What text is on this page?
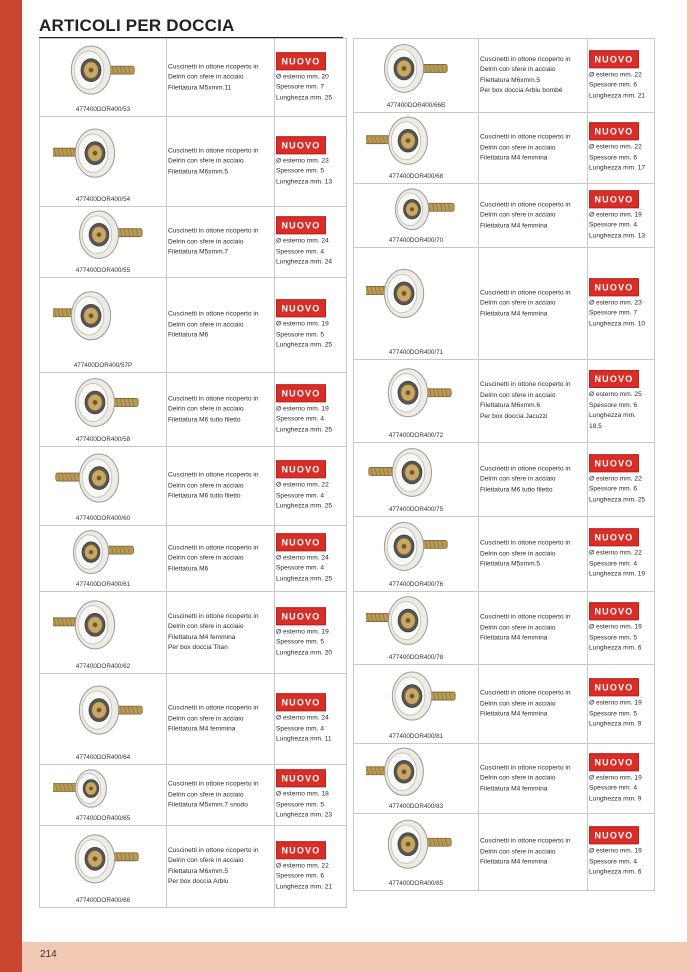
ARTICOLI PER DOCCIA
477400DOR400/53
Cuscinetti in ottone ricoperto in
Delrin con sfere in acciaio
Filettatura M5xmm.11
NUOVO
Ø esterno mm. 20
Spessore mm. 7
Lunghezza mm. 25
477400DOR400/54
Cuscinetti in ottone ricoperto in
Delrin con sfere in acciaio
Filettatura M6xmm.5
NUOVO
Ø esterno mm. 23
Spessore mm. 5
Lunghezza mm. 13
477400DOR400/55
Cuscinetti in ottone ricoperto in
Delrin con sfere in acciaio
Filettatura M5xmm.7
NUOVO
Ø esterno mm. 24
Spessore mm. 4
Lunghezza mm. 24
477400DOR400/57P
Cuscinetti in ottone ricoperto in
Delrin con sfere in acciaio
Filettatura M6
NUOVO
Ø esterno mm. 19
Spessore mm. 5
Lunghezza mm. 25
477400DOR400/58
Cuscinetti in ottone ricoperto in
Delrin con sfere in acciaio
Filettatura M6 tutto filetto
NUOVO
Ø esterno mm. 19
Spessore mm. 4
Lunghezza mm. 25
477400DOR400/60
Cuscinetti in ottone ricoperto in
Delrin con sfere in acciaio
Filettatura M6 tutto filetto
NUOVO
Ø esterno mm. 22
Spessore mm. 4
Lunghezza mm. 25
477400DOR400/61
Cuscinetti in ottone ricoperto in
Delrin con sfere in acciaio
Filettatura M6
NUOVO
Ø esterno mm. 24
Spessore mm. 4
Lunghezza mm. 25
477400DOR400/62
Cuscinetti in ottone ricoperto in
Delrin con sfere in acciaio
Filettatura M4 femmina
Per box doccia Titan
NUOVO
Ø esterno mm. 19
Spessore mm. 5
Lunghezza mm. 20
477400DOR400/64
Cuscinetti in ottone ricoperto in
Delrin con sfere in acciaio
Filettatura M4 femmina
NUOVO
Ø esterno mm. 24
Spessore mm. 4
Lunghezza mm. 11
477400DOR400/65
Cuscinetti in ottone ricoperto in
Delrin con sfere in acciaio
Filettatura M5xmm.7 snodo
NUOVO
Ø esterno mm. 18
Spessore mm. 5
Lunghezza mm. 23
477400DOR400/66
Cuscinetti in ottone ricoperto in
Delrin con sfere in acciaio
Filettatura M6xmm.5
Per box doccia Arblu
NUOVO
Ø esterno mm. 22
Spessore mm. 6
Lunghezza mm. 21
477400DOR400/66B
Cuscinetti in ottone ricoperto in
Delrin con sfere in acciaio
Filettatura M6xmm.5
Per box doccia Arblu bombè
NUOVO
Ø esterno mm. 22
Spessore mm. 6
Lunghezza mm. 21
477400DOR400/68
Cuscinetti in ottone ricoperto in
Delrin con sfere in acciaio
Filettatura M4 femmina
NUOVO
Ø esterno mm. 22
Spessore mm. 6
Lunghezza mm. 17
477400DOR400/70
Cuscinetti in ottone ricoperto in
Delrin con sfere in acciaio
Filettatura M4 femmina
NUOVO
Ø esterno mm. 19
Spessore mm. 4
Lunghezza mm. 13
477400DOR400/71
Cuscinetti in ottone ricoperto in
Delrin con sfere in acciaio
Filettatura M4 femmina
NUOVO
Ø esterno mm. 23
Spessore mm. 7
Lunghezza mm. 10
477400DOR400/72
Cuscinetti in ottone ricoperto in
Delrin con sfere in acciaio
Filettatura M6xmm.6
Per box doccia Jacuzzi
NUOVO
Ø esterno mm. 25
Spessore mm. 6
Lunghezza mm.
18,5
477400DOR400/75
Cuscinetti in ottone ricoperto in
Delrin con sfere in acciaio
Filettatura M6 tutto filetto
NUOVO
Ø esterno mm. 22
Spessore mm. 6
Lunghezza mm. 25
477400DOR400/76
Cuscinetti in ottone ricoperto in
Delrin con sfere in acciaio
Filettatura M5xmm.5
NUOVO
Ø esterno mm. 22
Spessore mm. 4
Lunghezza mm. 19
477400DOR400/78
Cuscinetti in ottone ricoperto in
Delrin con sfere in acciaio
Filettatura M4 femmina
NUOVO
Ø esterno mm. 19
Spessore mm. 5
Lunghezza mm. 6
477400DOR400/81
Cuscinetti in ottone ricoperto in
Delrin con sfere in acciaio
Filettatura M4 femmina
NUOVO
Ø esterno mm. 19
Spessore mm. 5
Lunghezza mm. 9
477400DOR400/83
Cuscinetti in ottone ricoperto in
Delrin con sfere in acciaio
Filettatura M4 femmina
NUOVO
Ø esterno mm. 19
Spessore mm. 4
Lunghezza mm. 9
477400DOR400/85
Cuscinetti in ottone ricoperto in
Delrin con sfere in acciaio
Filettatura M4 femmina
NUOVO
Ø esterno mm. 19
Spessore mm. 4
Lunghezza mm. 6
214
